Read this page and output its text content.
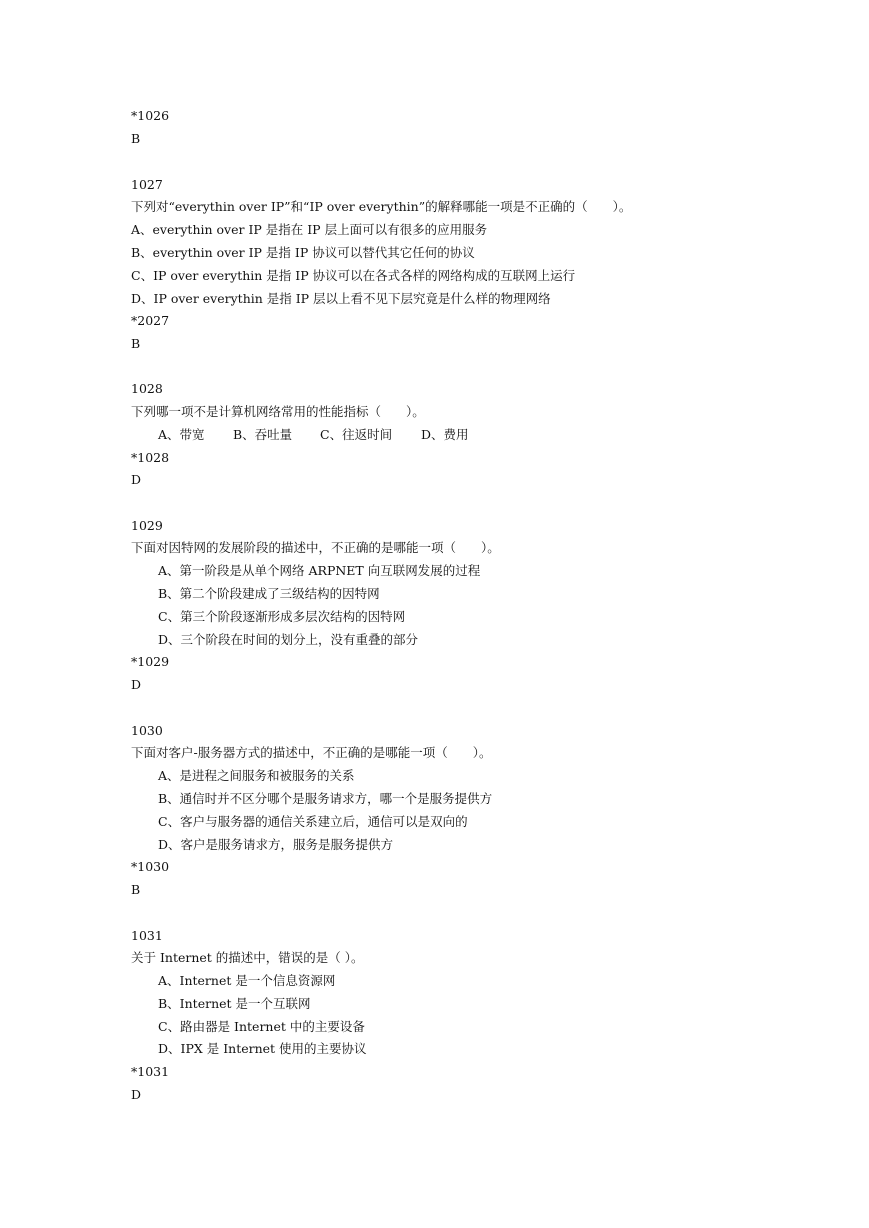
*1026
B
1027
下列对“everythin over IP”和“IP over everythin”的解释哪能一项是不正确的（　　）。
A、everythin over IP 是指在 IP 层上面可以有很多的应用服务
B、everythin over IP 是指 IP 协议可以替代其它任何的协议
C、IP over everythin 是指 IP 协议可以在各式各样的网络构成的互联网上运行
D、IP over everythin 是指 IP 层以上看不见下层究竟是什么样的物理网络
*2027
B
1028
下列哪一项不是计算机网络常用的性能指标（　　）。
A、带宽 B、吞吐量 C、往返时间 D、费用
*1028
D
1029
下面对因特网的发展阶段的描述中，不正确的是哪能一项（　　）。
A、第一阶段是从单个网络 ARPNET 向互联网发展的过程
B、第二个阶段建成了三级结构的因特网
C、第三个阶段逐渐形成多层次结构的因特网
D、三个阶段在时间的划分上，没有重叠的部分
*1029
D
1030
下面对客户-服务器方式的描述中，不正确的是哪能一项（　　）。
A、是进程之间服务和被服务的关系
B、通信时并不区分哪个是服务请求方，哪一个是服务提供方
C、客户与服务器的通信关系建立后，通信可以是双向的
D、客户是服务请求方，服务是服务提供方
*1030
B
1031
关于 Internet 的描述中，错误的是（ ）。
A、Internet 是一个信息资源网
B、Internet 是一个互联网
C、路由器是 Internet 中的主要设备
D、IPX 是 Internet 使用的主要协议
*1031
D
